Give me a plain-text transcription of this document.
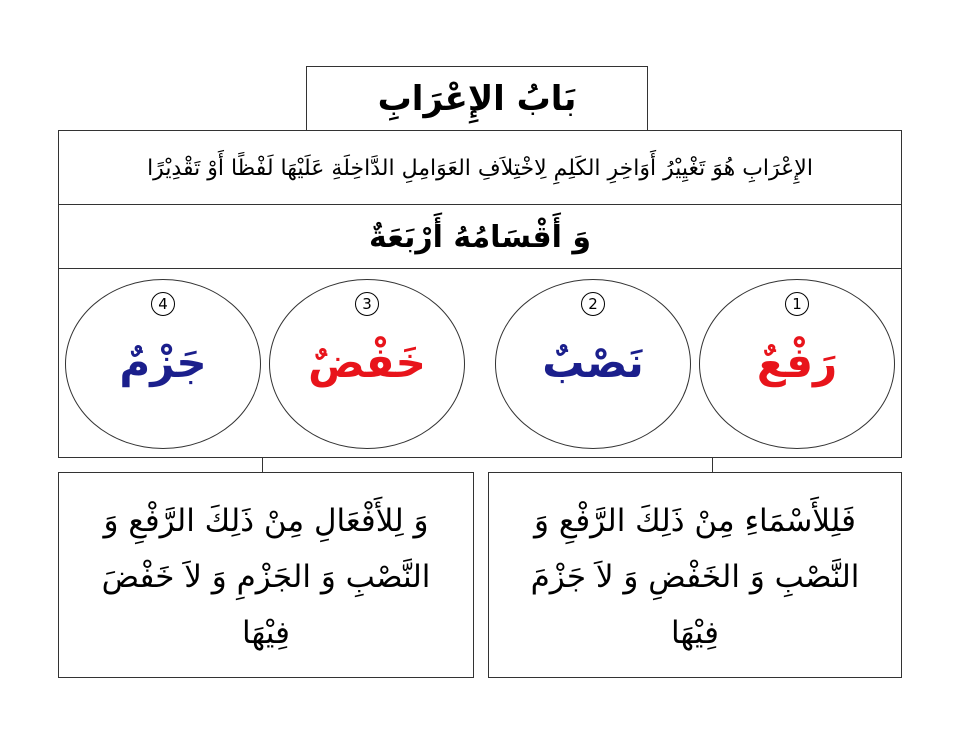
بَابُ الإِعْرَابِ
الإِعْرَابِ هُوَ تَغْيِيْرُ أَوَاخِرِ الكَلِمِ لِاخْتِلاَفِ العَوَامِلِ الدَّاخِلَةِ عَلَيْهَا لَفْظًا أَوْ تَقْدِيْرًا
وَ أَقْسَامُهُ أَرْبَعَةٌ
1
رَفْعٌ
2
نَصْبٌ
3
خَفْضٌ
4
جَزْمٌ
فَلِلأَسْمَاءِ مِنْ ذَلِكَ الرَّفْعِ وَ النَّصْبِ وَ الخَفْضِ وَ لاَ جَزْمَ فِيْهَا
وَ لِلأَفْعَالِ مِنْ ذَلِكَ الرَّفْعِ وَ النَّصْبِ وَ الجَزْمِ وَ لاَ خَفْضَ فِيْهَا
